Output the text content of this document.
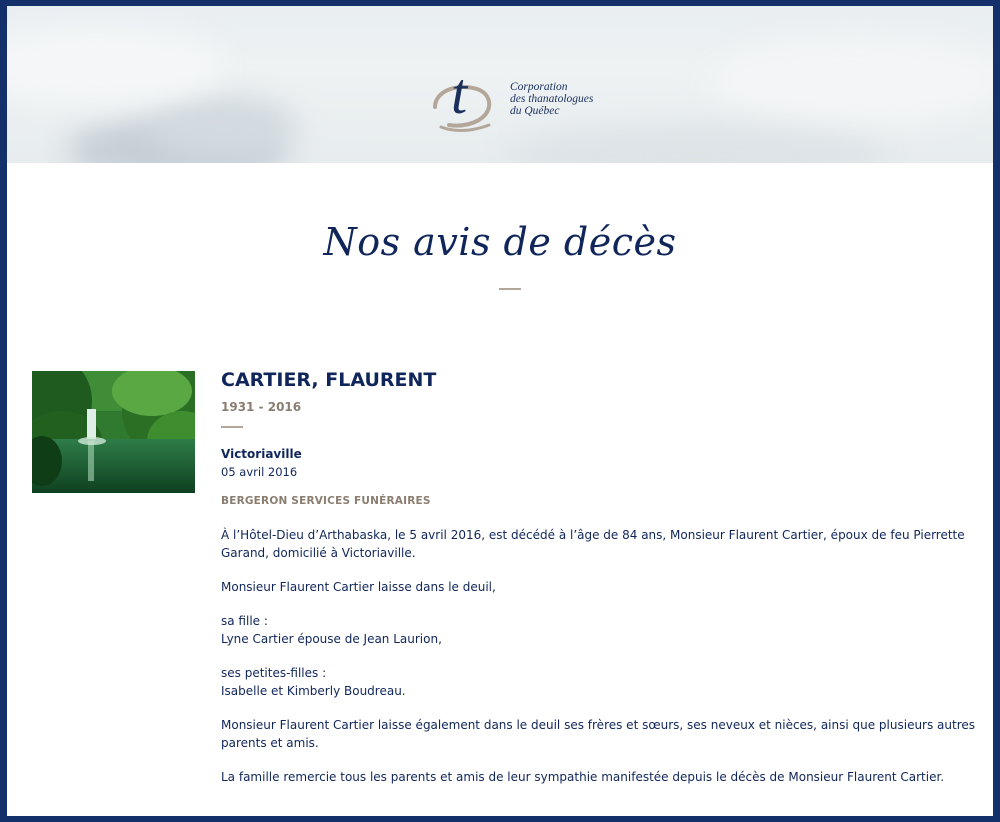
t	Corporation
des thanatologues
du Québec
Nos avis de décès
CARTIER, FLAURENT
1931 - 2016
Victoriaville
05 avril 2016
BERGERON SERVICES FUNÉRAIRES
À l’Hôtel-Dieu d’Arthabaska, le 5 avril 2016, est décédé à l’âge de 84 ans, Monsieur Flaurent Cartier, époux de feu Pierrette Garand, domicilié à Victoriaville.
Monsieur Flaurent Cartier laisse dans le deuil,
sa fille :
Lyne Cartier épouse de Jean Laurion,
ses petites-filles :
Isabelle et Kimberly Boudreau.
Monsieur Flaurent Cartier laisse également dans le deuil ses frères et sœurs, ses neveux et nièces, ainsi que plusieurs autres parents et amis.
La famille remercie tous les parents et amis de leur sympathie manifestée depuis le décès de Monsieur Flaurent Cartier.
